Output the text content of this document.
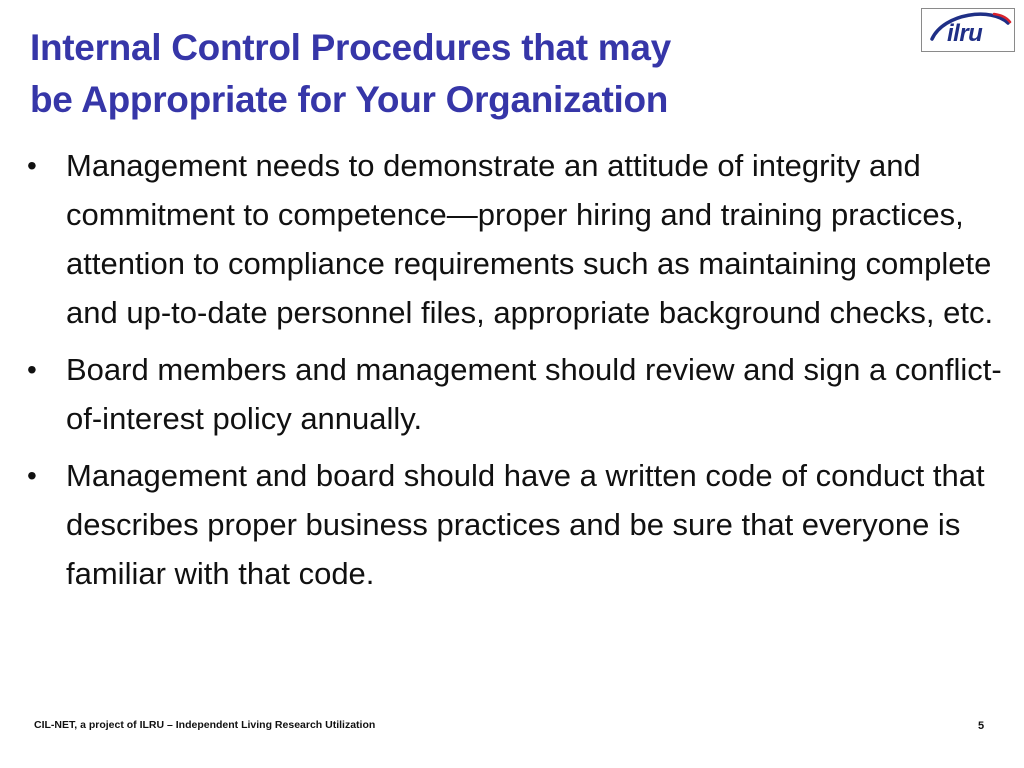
Internal Control Procedures that may
be Appropriate for Your Organization
ilru
• Management needs to demonstrate an attitude of integrity and commitment to competence—proper hiring and training practices, attention to compliance requirements such as maintaining complete and up-to-date personnel files, appropriate background checks, etc.
• Board members and management should review and sign a conflict-of-interest policy annually.
• Management and board should have a written code of conduct that describes proper business practices and be sure that everyone is familiar with that code.
CIL-NET, a project of ILRU – Independent Living Research Utilization	5
